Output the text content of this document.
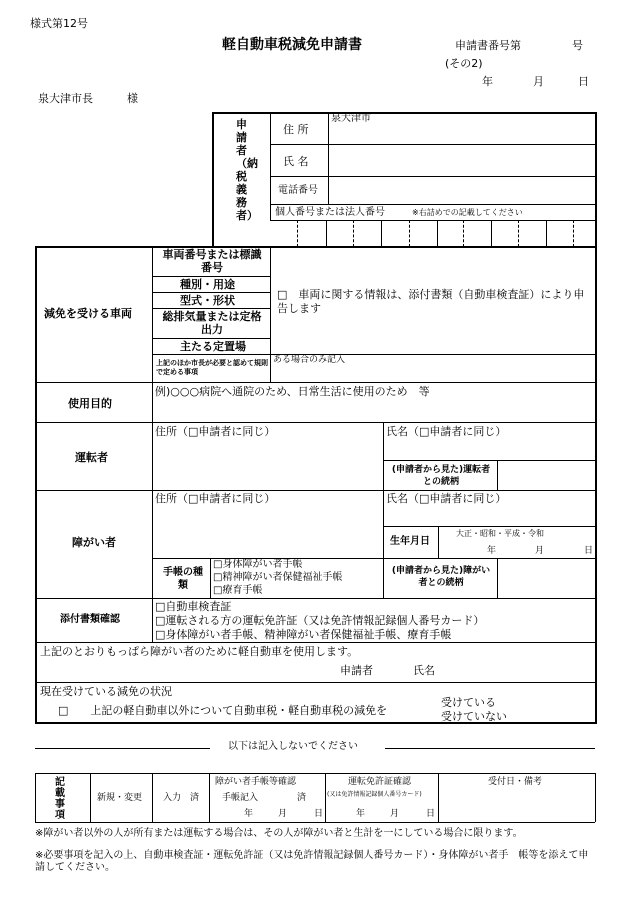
様式第12号
軽自動車税減免申請書	申請書番号第	号
(その2)
年	月	日
泉大津市長	様
申請者（納税義務者）
住 所
泉大津市
氏 名
電話番号
個人番号または法人番号	※右詰めでの記載してください
減免を受ける車両
車両番号または標識番号
種別・用途
型式・形状
総排気量または定格出力
主たる定置場
□　車両に関する情報は、添付書類（自動車検査証）により申告します
上記のほか市長が必要と認めて規則で定める事項
ある場合のみ記入
使用目的
例)○○○病院へ通院のため、日常生活に使用のため　等
運転者
住所（□申請者に同じ）	氏名（□申請者に同じ）
(申請者から見た)運転者との続柄
障がい者
住所（□申請者に同じ）	氏名（□申請者に同じ）
生年月日
大正・昭和・平成・令和
年	月	日
手帳の種類
□身体障がい者手帳
□精神障がい者保健福祉手帳
□療育手帳
(申請者から見た)障がい者との続柄
添付書類確認
□自動車検査証
□運転される方の運転免許証（又は免許情報記録個人番号カード）
□身体障がい者手帳、精神障がい者保健福祉手帳、療育手帳
上記のとおりもっぱら障がい者のために軽自動車を使用します。
申請者	氏名
現在受けている減免の状況
□　　上記の軽自動車以外について自動車税・軽自動車税の減免を
受けている
受けていない
以下は記入しないでください
記載事項
新規・変更 入力　済
障がい者手帳等確認
手帳記入	済
年	月	日
運転免許証確認
(又は免許情報記録個人番号カード)
年	月	日
受付日・備考
※障がい者以外の人が所有または運転する場合は、その人が障がい者と生計を一にしている場合に限ります。
※必要事項を記入の上、自動車検査証・運転免許証（又は免許情報記録個人番号カード）・身体障がい者手　帳等を添えて申請してください。
